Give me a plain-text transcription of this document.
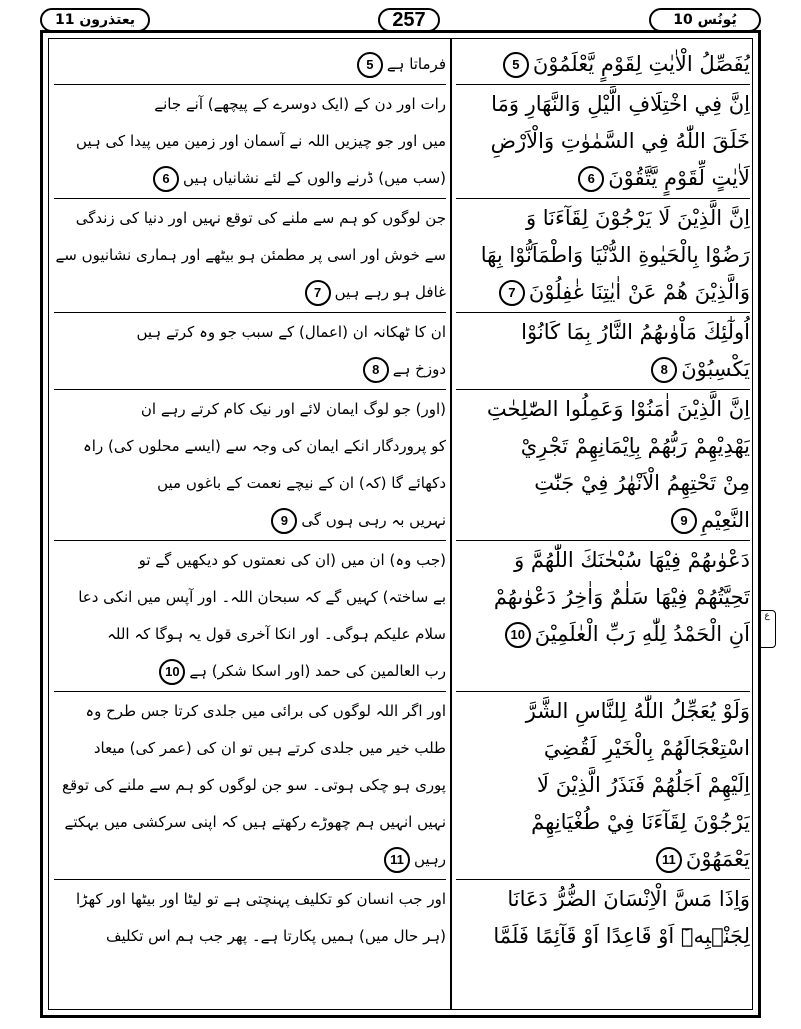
یعتذرون 11	257	یُونُس 10
يُفَصِّلُ الْاٰيٰتِ لِقَوْمٍ يَّعْلَمُوْنَ5
اِنَّ فِي اخْتِلَافِ الَّيْلِ وَالنَّهَارِ وَمَا
خَلَقَ اللّٰهُ فِي السَّمٰوٰتِ وَالْاَرْضِ
لَاٰيٰتٍ لِّقَوْمٍ يَّتَّقُوْنَ6
اِنَّ الَّذِيْنَ لَا يَرْجُوْنَ لِقَآءَنَا وَ
رَضُوْا بِالْحَيٰوةِ الدُّنْيَا وَاطْمَاَنُّوْا بِهَا
وَالَّذِيْنَ هُمْ عَنْ اٰيٰتِنَا غٰفِلُوْنَ7
اُولٰٓئِكَ مَاْوٰىهُمُ النَّارُ بِمَا كَانُوْا
يَكْسِبُوْنَ8
اِنَّ الَّذِيْنَ اٰمَنُوْا وَعَمِلُوا الصّٰلِحٰتِ
يَهْدِيْهِمْ رَبُّهُمْ بِاِيْمَانِهِمْ تَجْرِيْ
مِنْ تَحْتِهِمُ الْاَنْهٰرُ فِيْ جَنّٰتِ
النَّعِيْمِ9
دَعْوٰىهُمْ فِيْهَا سُبْحٰنَكَ اللّٰهُمَّ وَ
تَحِيَّتُهُمْ فِيْهَا سَلٰمٌ وَاٰخِرُ دَعْوٰىهُمْ
اَنِ الْحَمْدُ لِلّٰهِ رَبِّ الْعٰلَمِيْنَ10
وَلَوْ يُعَجِّلُ اللّٰهُ لِلنَّاسِ الشَّرَّ
اسْتِعْجَالَهُمْ بِالْخَيْرِ لَقُضِيَ
اِلَيْهِمْ اَجَلُهُمْ فَنَذَرُ الَّذِيْنَ لَا
يَرْجُوْنَ لِقَآءَنَا فِيْ طُغْيَانِهِمْ
يَعْمَهُوْنَ11
وَاِذَا مَسَّ الْاِنْسَانَ الضُّرُّ دَعَانَا
لِجَنْۢبِهٖٓ اَوْ قَاعِدًا اَوْ قَآئِمًا فَلَمَّا
فرماتا ہے5
رات اور دن کے (ایک دوسرے کے پیچھے) آنے جانے
میں اور جو چیزیں اللہ نے آسمان اور زمین میں پیدا کی ہیں
(سب میں) ڈرنے والوں کے لئے نشانیاں ہیں6
جن لوگوں کو ہم سے ملنے کی توقع نہیں اور دنیا کی زندگی
سے خوش اور اسی پر مطمئن ہو بیٹھے اور ہماری نشانیوں سے
غافل ہو رہے ہیں7
ان کا ٹھکانہ ان (اعمال) کے سبب جو وہ کرتے ہیں
دوزخ ہے8
(اور) جو لوگ ایمان لائے اور نیک کام کرتے رہے ان
کو پروردگار انکے ایمان کی وجہ سے (ایسے محلوں کی) راہ
دکھائے گا (کہ) ان کے نیچے نعمت کے باغوں میں
نہریں بہ رہی ہوں گی9
(جب وہ) ان میں (ان کی نعمتوں کو دیکھیں گے تو
بے ساختہ) کہیں گے کہ سبحان اللہ۔ اور آپس میں انکی دعا
سلام علیکم ہوگی۔ اور انکا آخری قول یہ ہوگا کہ اللہ
رب العالمین کی حمد (اور اسکا شکر) ہے10
اور اگر اللہ لوگوں کی برائی میں جلدی کرتا جس طرح وہ
طلب خیر میں جلدی کرتے ہیں تو ان کی (عمر کی) میعاد
پوری ہو چکی ہوتی۔ سو جن لوگوں کو ہم سے ملنے کی توقع
نہیں انہیں ہم چھوڑے رکھتے ہیں کہ اپنی سرکشی میں بہکتے
رہیں11
اور جب انسان کو تکلیف پہنچتی ہے تو لیٹا اور بیٹھا اور کھڑا
(ہر حال میں) ہمیں پکارتا ہے۔ پھر جب ہم اس تکلیف
ع
